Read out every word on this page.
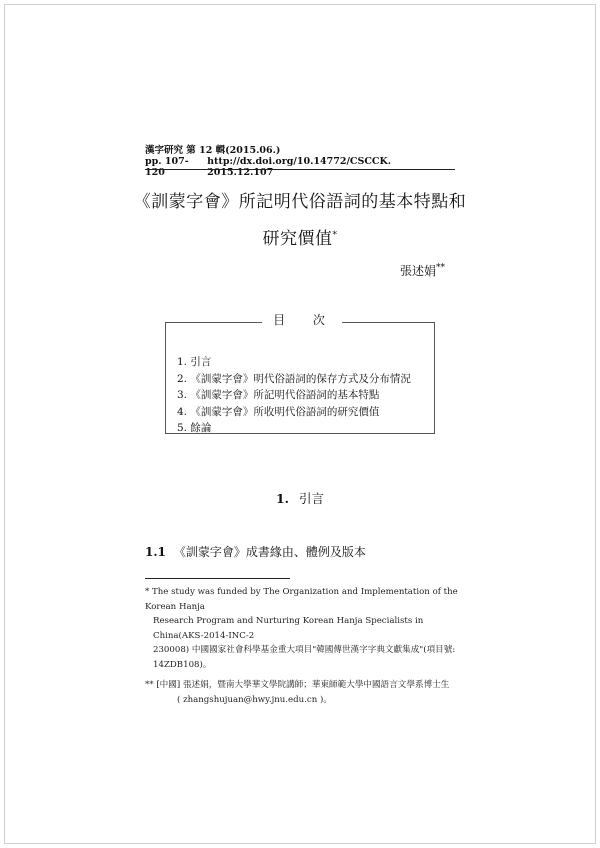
漢字研究 第 12 輯(2015.06.)
pp. 107-120
http://dx.doi.org/10.14772/CSCCK. 2015.12.107
《訓蒙字會》所記明代俗語詞的基本特點和
研究價值*
張述娟**
目 次
1. 引言
2. 《訓蒙字會》明代俗語詞的保存方式及分布情況
3. 《訓蒙字會》所記明代俗語詞的基本特點
4. 《訓蒙字會》所收明代俗語詞的研究價值
5. 餘論
1. 引言
1.1 《訓蒙字會》成書緣由、體例及版本

* The study was funded by The Organization and Implementation of the Korean Hanja
Research Program and Nurturing Korean Hanja Specialists in China(AKS-2014-INC-2
230008) 中國國家社會科學基金重大項目"韓國傳世漢字字典文獻集成"(項目號:
14ZDB108)。

** [中國] 張述娟，暨南大學華文學院講師；華東師範大學中國語言文學系博士生
( zhangshujuan@hwy.jnu.edu.cn )。
